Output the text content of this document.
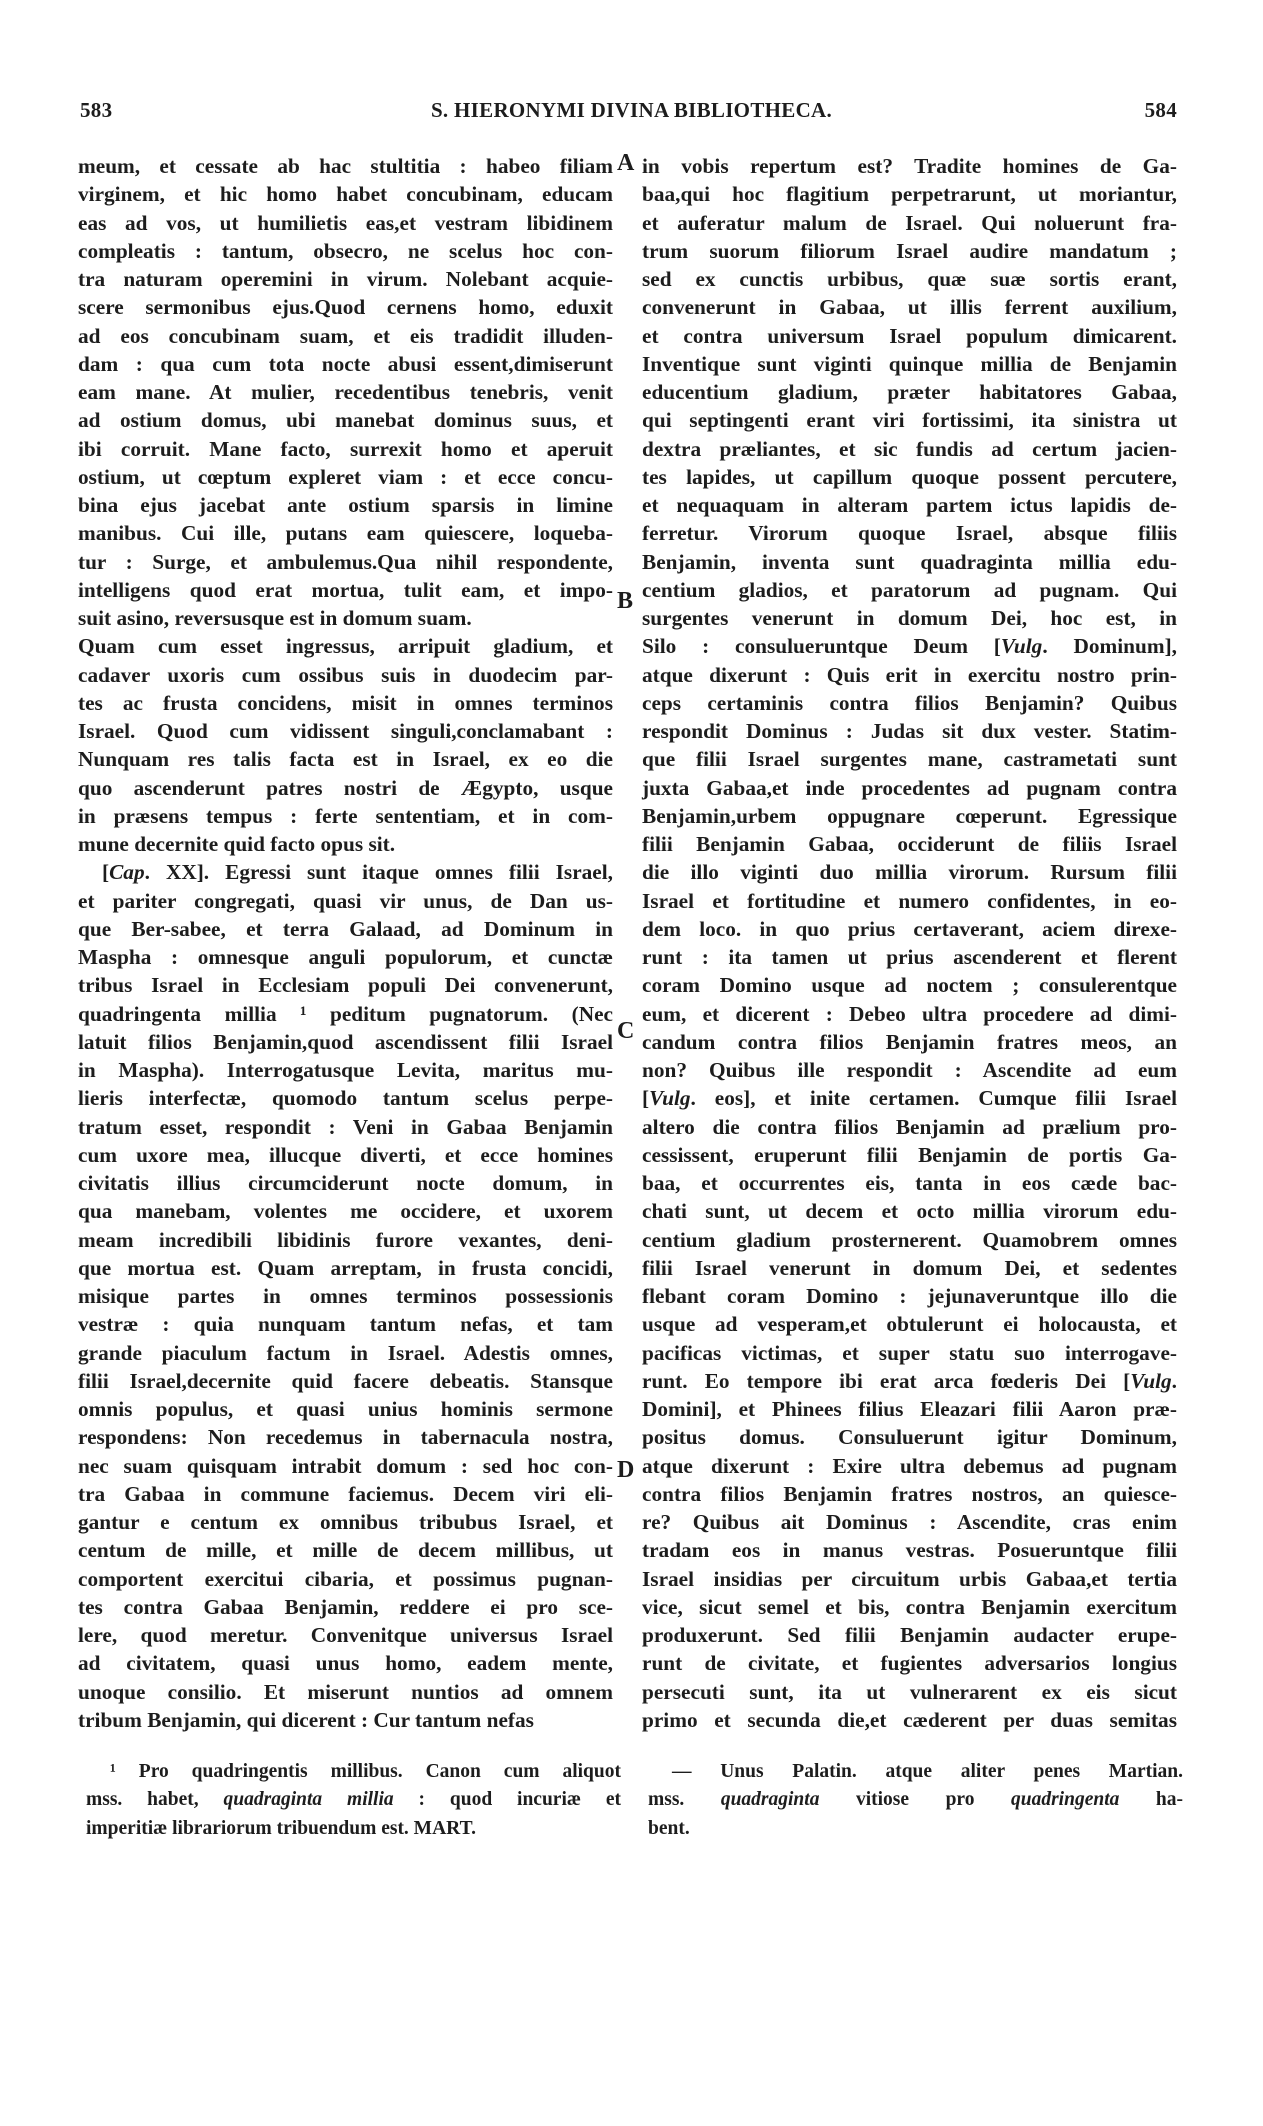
583	S. HIERONYMI DIVINA BIBLIOTHECA.	584
meum, et cessate ab hac stultitia : habeo filiam
virginem, et hic homo habet concubinam, educam
eas ad vos, ut humilietis eas,et vestram libidinem
compleatis : tantum, obsecro, ne scelus hoc con-
tra naturam operemini in virum. Nolebant acquie-
scere sermonibus ejus.Quod cernens homo, eduxit
ad eos concubinam suam, et eis tradidit illuden-
dam : qua cum tota nocte abusi essent,dimiserunt
eam mane. At mulier, recedentibus tenebris, venit
ad ostium domus, ubi manebat dominus suus, et
ibi corruit. Mane facto, surrexit homo et aperuit
ostium, ut cœptum expleret viam : et ecce concu-
bina ejus jacebat ante ostium sparsis in limine
manibus. Cui ille, putans eam quiescere, loqueba-
tur : Surge, et ambulemus.Qua nihil respondente,
intelligens quod erat mortua, tulit eam, et impo-
suit asino, reversusque est in domum suam.
Quam cum esset ingressus, arripuit gladium, et
cadaver uxoris cum ossibus suis in duodecim par-
tes ac frusta concidens, misit in omnes terminos
Israel. Quod cum vidissent singuli,conclamabant :
Nunquam res talis facta est in Israel, ex eo die
quo ascenderunt patres nostri de Ægypto, usque
in præsens tempus : ferte sententiam, et in com-
mune decernite quid facto opus sit.
[Cap. XX]. Egressi sunt itaque omnes filii Israel,
et pariter congregati, quasi vir unus, de Dan us-
que Ber-sabee, et terra Galaad, ad Dominum in
Maspha : omnesque anguli populorum, et cunctæ
tribus Israel in Ecclesiam populi Dei convenerunt,
quadringenta millia ¹ peditum pugnatorum. (Nec
latuit filios Benjamin,quod ascendissent filii Israel
in Maspha). Interrogatusque Levita, maritus mu-
lieris interfectæ, quomodo tantum scelus perpe-
tratum esset, respondit : Veni in Gabaa Benjamin
cum uxore mea, illucque diverti, et ecce homines
civitatis illius circumciderunt nocte domum, in
qua manebam, volentes me occidere, et uxorem
meam incredibili libidinis furore vexantes, deni-
que mortua est. Quam arreptam, in frusta concidi,
misique partes in omnes terminos possessionis
vestræ : quia nunquam tantum nefas, et tam
grande piaculum factum in Israel. Adestis omnes,
filii Israel,decernite quid facere debeatis. Stansque
omnis populus, et quasi unius hominis sermone
respondens: Non recedemus in tabernacula nostra,
nec suam quisquam intrabit domum : sed hoc con-
tra Gabaa in commune faciemus. Decem viri eli-
gantur e centum ex omnibus tribubus Israel, et
centum de mille, et mille de decem millibus, ut
comportent exercitui cibaria, et possimus pugnan-
tes contra Gabaa Benjamin, reddere ei pro sce-
lere, quod meretur. Convenitque universus Israel
ad civitatem, quasi unus homo, eadem mente,
unoque consilio. Et miserunt nuntios ad omnem
tribum Benjamin, qui dicerent : Cur tantum nefas
in vobis repertum est? Tradite homines de Ga-
baa,qui hoc flagitium perpetrarunt, ut moriantur,
et auferatur malum de Israel. Qui noluerunt fra-
trum suorum filiorum Israel audire mandatum ;
sed ex cunctis urbibus, quæ suæ sortis erant,
convenerunt in Gabaa, ut illis ferrent auxilium,
et contra universum Israel populum dimicarent.
Inventique sunt viginti quinque millia de Benjamin
educentium gladium, præter habitatores Gabaa,
qui septingenti erant viri fortissimi, ita sinistra ut
dextra præliantes, et sic fundis ad certum jacien-
tes lapides, ut capillum quoque possent percutere,
et nequaquam in alteram partem ictus lapidis de-
ferretur. Virorum quoque Israel, absque filiis
Benjamin, inventa sunt quadraginta millia edu-
centium gladios, et paratorum ad pugnam. Qui
surgentes venerunt in domum Dei, hoc est, in
Silo : consulueruntque Deum [Vulg. Dominum],
atque dixerunt : Quis erit in exercitu nostro prin-
ceps certaminis contra filios Benjamin? Quibus
respondit Dominus : Judas sit dux vester. Statim-
que filii Israel surgentes mane, castrametati sunt
juxta Gabaa,et inde procedentes ad pugnam contra
Benjamin,urbem oppugnare cœperunt. Egressique
filii Benjamin Gabaa, occiderunt de filiis Israel
die illo viginti duo millia virorum. Rursum filii
Israel et fortitudine et numero confidentes, in eo-
dem loco. in quo prius certaverant, aciem direxe-
runt : ita tamen ut prius ascenderent et flerent
coram Domino usque ad noctem ; consulerentque
eum, et dicerent : Debeo ultra procedere ad dimi-
candum contra filios Benjamin fratres meos, an
non? Quibus ille respondit : Ascendite ad eum
[Vulg. eos], et inite certamen. Cumque filii Israel
altero die contra filios Benjamin ad prælium pro-
cessissent, eruperunt filii Benjamin de portis Ga-
baa, et occurrentes eis, tanta in eos cæde bac-
chati sunt, ut decem et octo millia virorum edu-
centium gladium prosternerent. Quamobrem omnes
filii Israel venerunt in domum Dei, et sedentes
flebant coram Domino : jejunaveruntque illo die
usque ad vesperam,et obtulerunt ei holocausta, et
pacificas victimas, et super statu suo interrogave-
runt. Eo tempore ibi erat arca fœderis Dei [Vulg.
Domini], et Phinees filius Eleazari filii Aaron præ-
positus domus. Consuluerunt igitur Dominum,
atque dixerunt : Exire ultra debemus ad pugnam
contra filios Benjamin fratres nostros, an quiesce-
re? Quibus ait Dominus : Ascendite, cras enim
tradam eos in manus vestras. Posueruntque filii
Israel insidias per circuitum urbis Gabaa,et tertia
vice, sicut semel et bis, contra Benjamin exercitum
produxerunt. Sed filii Benjamin audacter erupe-
runt de civitate, et fugientes adversarios longius
persecuti sunt, ita ut vulnerarent ex eis sicut
primo et secunda die,et cæderent per duas semitas
A
B
C
D
¹ Pro quadringentis millibus. Canon cum aliquot
mss. habet, quadraginta millia : quod incuriæ et
imperitiæ librariorum tribuendum est. MART.
— Unus Palatin. atque aliter penes Martian.
mss. quadraginta vitiose pro quadringenta ha-
bent.
